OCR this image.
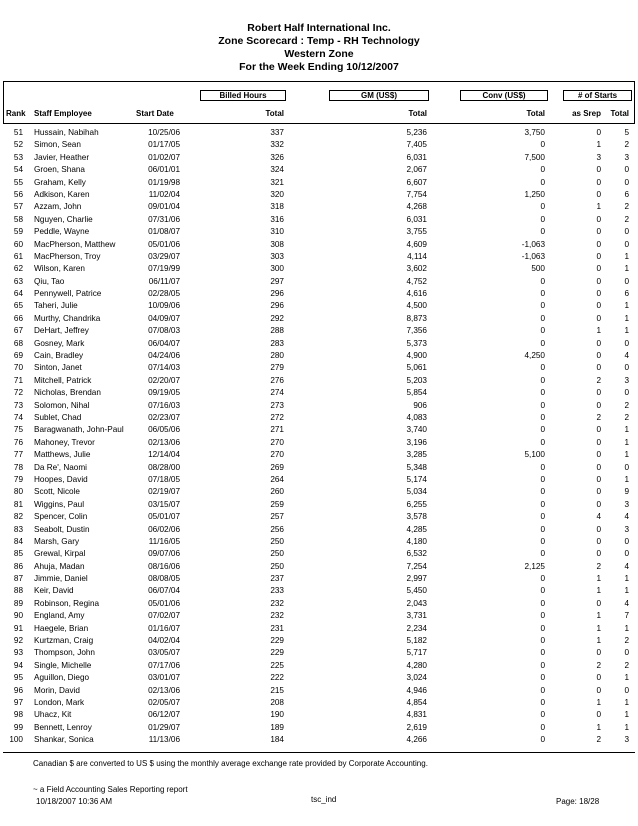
Robert Half International Inc.
Zone Scorecard : Temp - RH Technology
Western Zone
For the Week Ending 10/12/2007
Billed Hours	GM (US$)	Conv (US$)	# of Starts
Rank Staff Employee	Start Date	Total	Total	Total	as Srep	Total
51 Hussain, Nabihah	10/25/06	337	5,236	3,750	0	5
52 Simon, Sean	01/17/05	332	7,405	0	1	2
53 Javier, Heather	01/02/07	326	6,031	7,500	3	3
54 Groen, Shana	06/01/01	324	2,067	0	0	0
55 Graham, Kelly	01/19/98	321	6,607	0	0	0
56 Adkison, Karen	11/02/04	320	7,754	1,250	0	6
57 Azzam, John	09/01/04	318	4,268	0	1	2
58 Nguyen, Charlie	07/31/06	316	6,031	0	0	2
59 Peddle, Wayne	01/08/07	310	3,755	0	0	0
60 MacPherson, Matthew	05/01/06	308	4,609	-1,063	0	0
61 MacPherson, Troy	03/29/07	303	4,114	-1,063	0	1
62 Wilson, Karen	07/19/99	300	3,602	500	0	1
63 Qiu, Tao	06/11/07	297	4,752	0	0	0
64 Pennywell, Patrice	02/28/05	296	4,616	0	0	6
65 Taheri, Julie	10/09/06	296	4,500	0	0	1
66 Murthy, Chandrika	04/09/07	292	8,873	0	0	1
67 DeHart, Jeffrey	07/08/03	288	7,356	0	1	1
68 Gosney, Mark	06/04/07	283	5,373	0	0	0
69 Cain, Bradley	04/24/06	280	4,900	4,250	0	4
70 Sinton, Janet	07/14/03	279	5,061	0	0	0
71 Mitchell, Patrick	02/20/07	276	5,203	0	2	3
72 Nicholas, Brendan	09/19/05	274	5,854	0	0	0
73 Solomon, Nihal	07/16/03	273	906	0	0	2
74 Sublet, Chad	02/23/07	272	4,083	0	2	2
75 Baragwanath, John-Paul	06/05/06	271	3,740	0	0	1
76 Mahoney, Trevor	02/13/06	270	3,196	0	0	1
77 Matthews, Julie	12/14/04	270	3,285	5,100	0	1
78 Da Re', Naomi	08/28/00	269	5,348	0	0	0
79 Hoopes, David	07/18/05	264	5,174	0	0	1
80 Scott, Nicole	02/19/07	260	5,034	0	0	9
81 Wiggins, Paul	03/15/07	259	6,255	0	0	3
82 Spencer, Colin	05/01/07	257	3,578	0	4	4
83 Seabolt, Dustin	06/02/06	256	4,285	0	0	3
84 Marsh, Gary	11/16/05	250	4,180	0	0	0
85 Grewal, Kirpal	09/07/06	250	6,532	0	0	0
86 Ahuja, Madan	08/16/06	250	7,254	2,125	2	4
87 Jimmie, Daniel	08/08/05	237	2,997	0	1	1
88 Keir, David	06/07/04	233	5,450	0	1	1
89 Robinson, Regina	05/01/06	232	2,043	0	0	4
90 England, Amy	07/02/07	232	3,731	0	1	7
91 Haegele, Brian	01/16/07	231	2,234	0	1	1
92 Kurtzman, Craig	04/02/04	229	5,182	0	1	2
93 Thompson, John	03/05/07	229	5,717	0	0	0
94 Single, Michelle	07/17/06	225	4,280	0	2	2
95 Aguillon, Diego	03/01/07	222	3,024	0	0	1
96 Morin, David	02/13/06	215	4,946	0	0	0
97 London, Mark	02/05/07	208	4,854	0	1	1
98 Uhacz, Kit	06/12/07	190	4,831	0	0	1
99 Bennett, Lenroy	01/29/07	189	2,619	0	1	1
100 Shankar, Sonica	11/13/06	184	4,266	0	2	3
Canadian $ are converted to US $ using the monthly average exchange rate provided by Corporate Accounting.
~ a Field Accounting Sales Reporting report
10/18/2007 10:36 AM	tsc_ind	Page: 18/28
